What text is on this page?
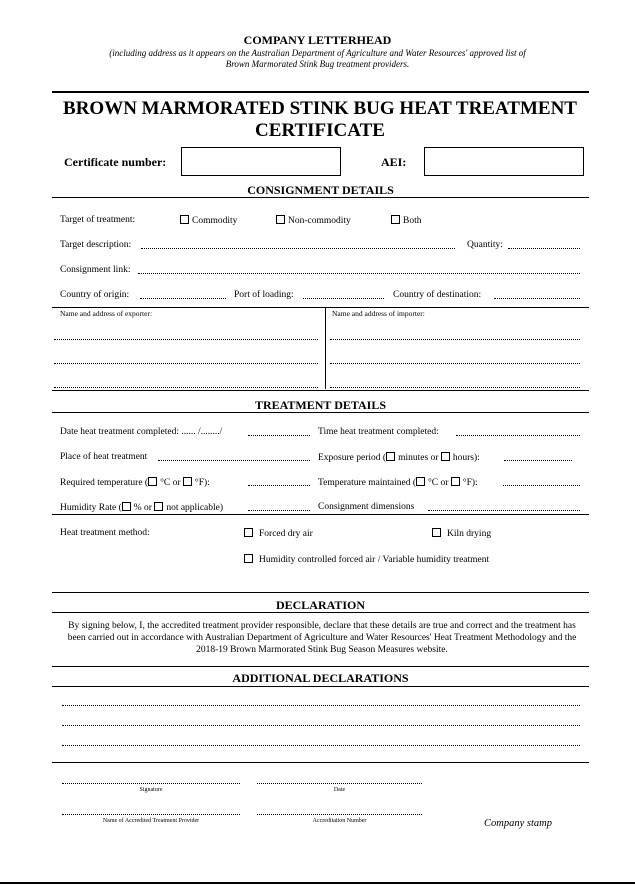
COMPANY LETTERHEAD
(including address as it appears on the Australian Department of Agriculture and Water Resources' approved list of
Brown Marmorated Stink Bug treatment providers.
BROWN MARMORATED STINK BUG HEAT TREATMENT
CERTIFICATE
Certificate number:	AEI:
CONSIGNMENT DETAILS
Target of treatment:	Commodity	Non-commodity	Both
Target description:	Quantity:
Consignment link:
Country of origin:	Port of loading:	Country of destination:
Name and address of exporter:	Name and address of importer:
TREATMENT DETAILS
Date heat treatment completed: ...... /......../	Time heat treatment completed:
Place of heat treatment	Exposure period ( minutes or hours):
Required temperature ( °C or °F):	Temperature maintained ( °C or °F):
Humidity Rate ( % or not applicable)	Consignment dimensions
Heat treatment method:	Forced dry air	Kiln drying
Humidity controlled forced air / Variable humidity treatment
DECLARATION
By signing below, I, the accredited treatment provider responsible, declare that these details are true and correct and the treatment has been carried out in accordance with Australian Department of Agriculture and Water Resources' Heat Treatment Methodology and the 2018-19 Brown Marmorated Stink Bug Season Measures website.
ADDITIONAL DECLARATIONS
Signature	Date
Name of Accredited Treatment Provider	Accreditation Number	Company stamp
